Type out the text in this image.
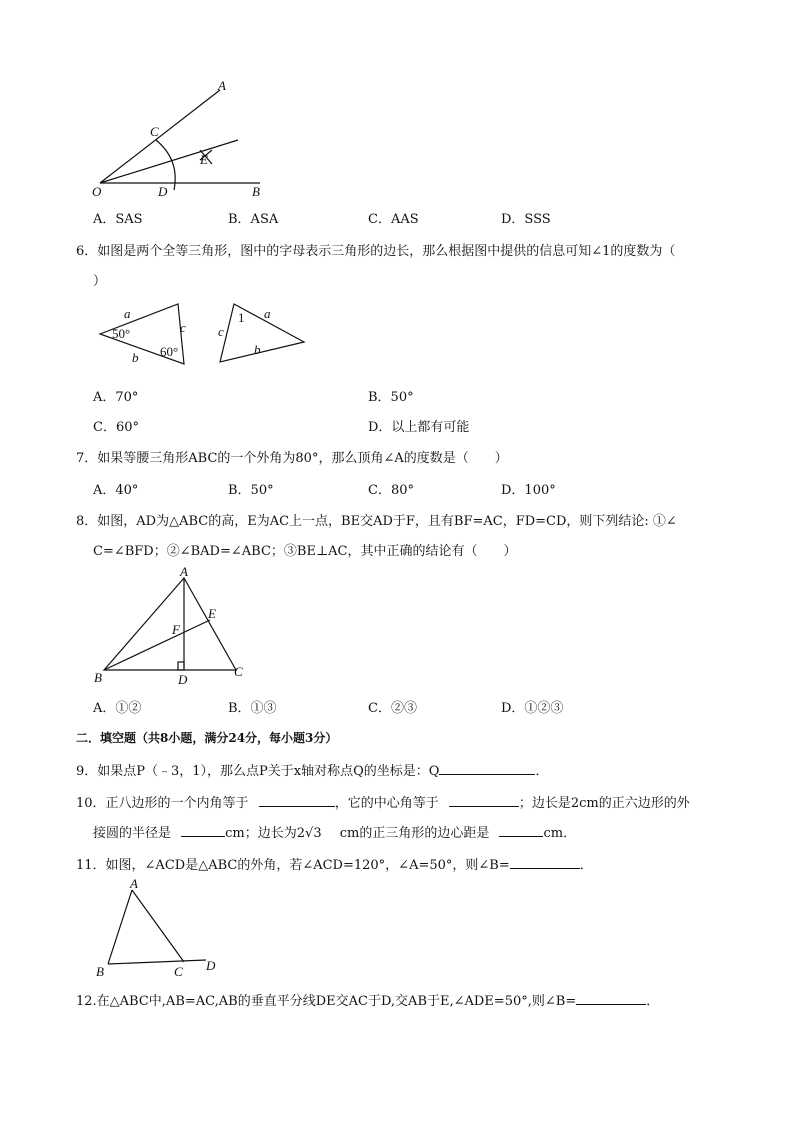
A
C
E
O	D	B
A．SAS	B．ASA	C．AAS	D．SSS
6．如图是两个全等三角形，图中的字母表示三角形的边长，那么根据图中提供的信息可知∠1的度数为（
）
a
c
b
50°
60°
1 a
c
b
A．70°	B．50°
C．60°	D．以上都有可能
7．如果等腰三角形ABC的一个外角为80°，那么顶角∠A的度数是（　　）
A．40°	B．50°	C．80°	D．100°
8．如图，AD为△ABC的高，E为AC上一点，BE交AD于F，且有BF=AC，FD=CD，则下列结论: ①∠
C=∠BFD；②∠BAD=∠ABC；③BE⊥AC，其中正确的结论有（　　）
A
E
F
B	D
C
A．①②	B．①③	C．②③	D．①②③
二．填空题（共8小题，满分24分，每小题3分）
9．如果点P（﹣3，1），那么点P关于x轴对称点Q的坐标是：Q	．
10．正八边形的一个内角等于	，它的中心角等于	；边长是2cm的正六边形的外
接圆的半径是	cm；边长为2√3 cm的正三角形的边心距是	cm．
11．如图，∠ACD是△ABC的外角，若∠ACD=120°，∠A=50°，则∠B=	．
A
B	C D
12.在△ABC中,AB=AC,AB的垂直平分线DE交AC于D,交AB于E,∠ADE=50°,则∠B=	．
